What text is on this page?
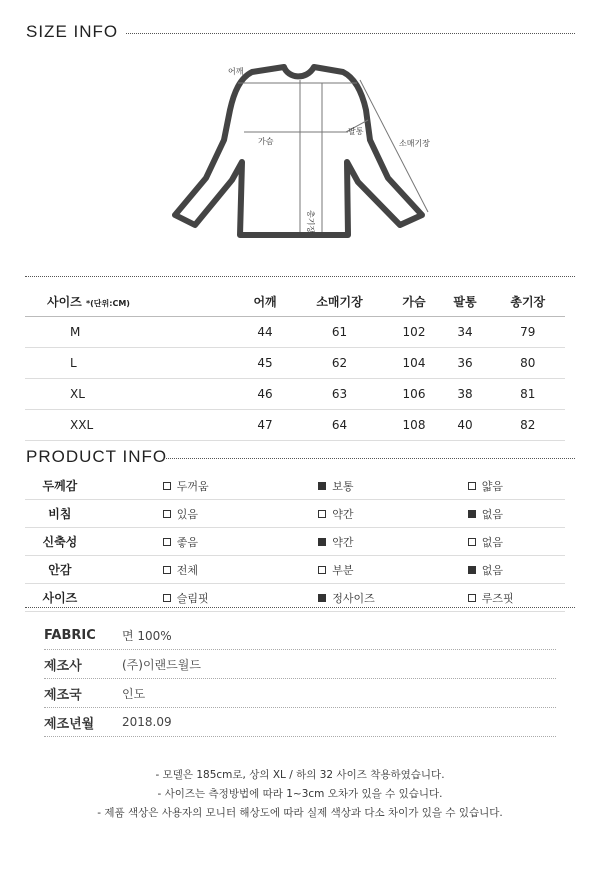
SIZE INFO
어깨
가슴
팔통
소매기장
총기장
사이즈 *(단위:CM)	어깨	소매기장	가슴	팔통	총기장
M	44	61	102	34	79
L	45	62	104	36	80
XL	46	63	106	38	81
XXL	47	64	108	40	82
PRODUCT INFO
두께감	두꺼움	보통	얇음

비침	있음	약간	없음

신축성	좋음	약간	없음

안감	전체	부분	없음

사이즈	슬림핏	정사이즈	루즈핏
FABRIC	면 100%
제조사	(주)이랜드월드
제조국	인도
제조년월	2018.09
- 모델은 185cm로, 상의 XL / 하의 32 사이즈 착용하였습니다.
- 사이즈는 측정방법에 따라 1~3cm 오차가 있을 수 있습니다.
- 제품 색상은 사용자의 모니터 해상도에 따라 실제 색상과 다소 차이가 있을 수 있습니다.
